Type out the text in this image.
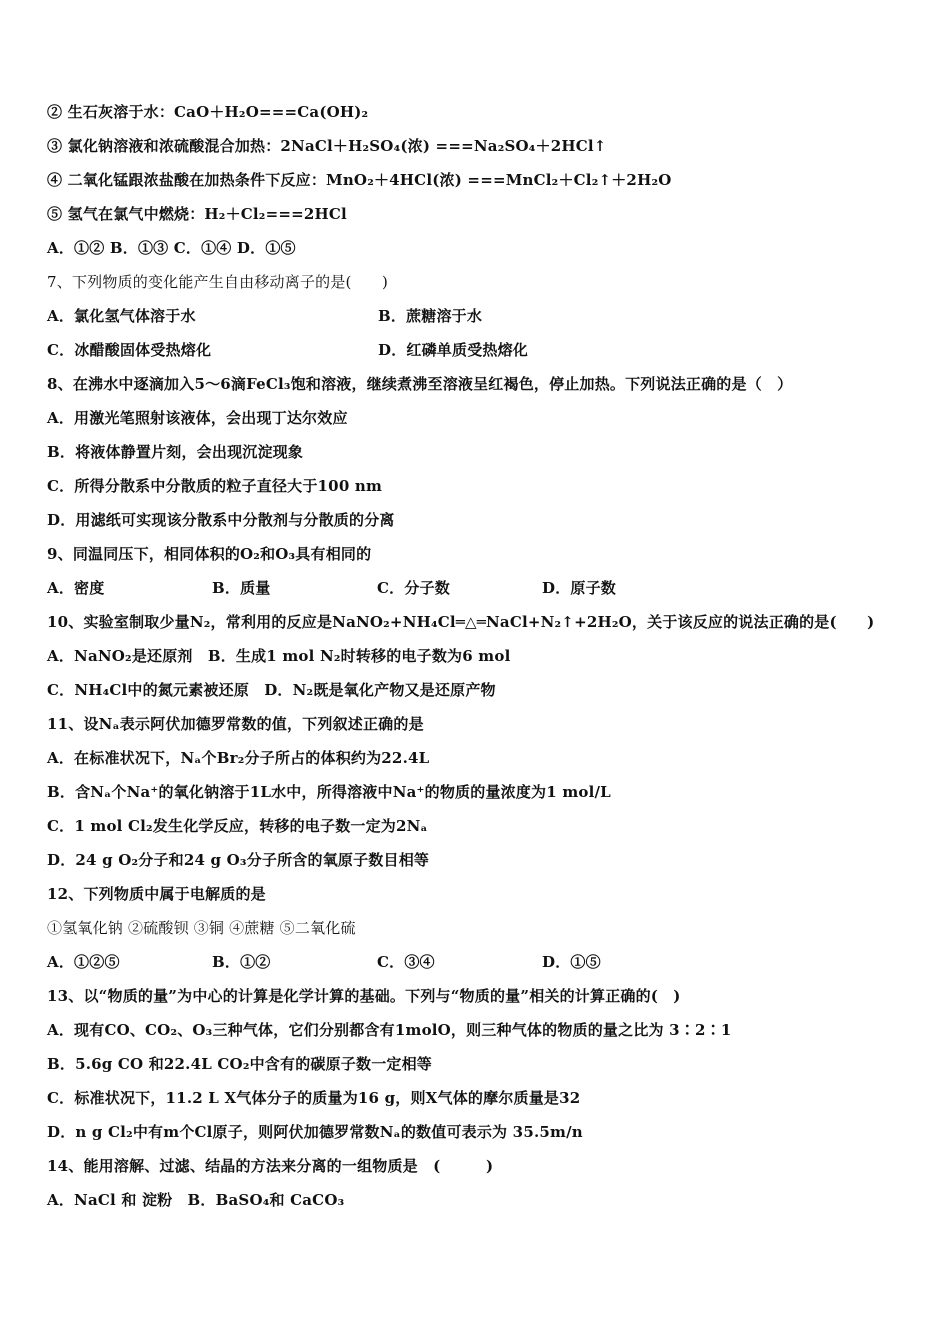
② 生石灰溶于水：CaO＋H₂O===Ca(OH)₂
③ 氯化钠溶液和浓硫酸混合加热：2NaCl＋H₂SO₄(浓) ===Na₂SO₄＋2HCl↑
④ 二氧化锰跟浓盐酸在加热条件下反应：MnO₂＋4HCl(浓) ===MnCl₂＋Cl₂↑＋2H₂O
⑤ 氢气在氯气中燃烧：H₂＋Cl₂===2HCl
A．①② B．①③ C．①④ D．①⑤
7、下列物质的变化能产生自由移动离子的是(　　)
A．氯化氢气体溶于水	B．蔗糖溶于水
C．冰醋酸固体受热熔化	D．红磷单质受热熔化
8、在沸水中逐滴加入5～6滴FeCl₃饱和溶液，继续煮沸至溶液呈红褐色，停止加热。下列说法正确的是（　）
A．用激光笔照射该液体，会出现丁达尔效应
B．将液体静置片刻，会出现沉淀现象
C．所得分散系中分散质的粒子直径大于100 nm
D．用滤纸可实现该分散系中分散剂与分散质的分离
9、同温同压下，相同体积的O₂和O₃具有相同的
A．密度	B．质量	C．分子数	D．原子数
10、实验室制取少量N₂，常利用的反应是NaNO₂+NH₄Cl═△═NaCl+N₂↑+2H₂O，关于该反应的说法正确的是(　　)
A．NaNO₂是还原剂　B．生成1 mol N₂时转移的电子数为6 mol
C．NH₄Cl中的氮元素被还原　D．N₂既是氧化产物又是还原产物
11、设Nₐ表示阿伏加德罗常数的值，下列叙述正确的是
A．在标准状况下，Nₐ个Br₂分子所占的体积约为22.4L
B．含Nₐ个Na⁺的氧化钠溶于1L水中，所得溶液中Na⁺的物质的量浓度为1 mol/L
C．1 mol Cl₂发生化学反应，转移的电子数一定为2Nₐ
D．24 g O₂分子和24 g O₃分子所含的氧原子数目相等
12、下列物质中属于电解质的是
①氢氧化钠 ②硫酸钡 ③铜 ④蔗糖 ⑤二氧化硫
A．①②⑤	B．①②	C．③④	D．①⑤
13、以“物质的量”为中心的计算是化学计算的基础。下列与“物质的量”相关的计算正确的(　)
A．现有CO、CO₂、O₃三种气体，它们分别都含有1molO，则三种气体的物质的量之比为 3∶2∶1
B．5.6g CO 和22.4L CO₂中含有的碳原子数一定相等
C．标准状况下，11.2 L X气体分子的质量为16 g，则X气体的摩尔质量是32
D．n g Cl₂中有m个Cl原子，则阿伏加德罗常数Nₐ的数值可表示为 35.5m/n
14、能用溶解、过滤、结晶的方法来分离的一组物质是　(　　　)
A．NaCl 和 淀粉　B．BaSO₄和 CaCO₃
